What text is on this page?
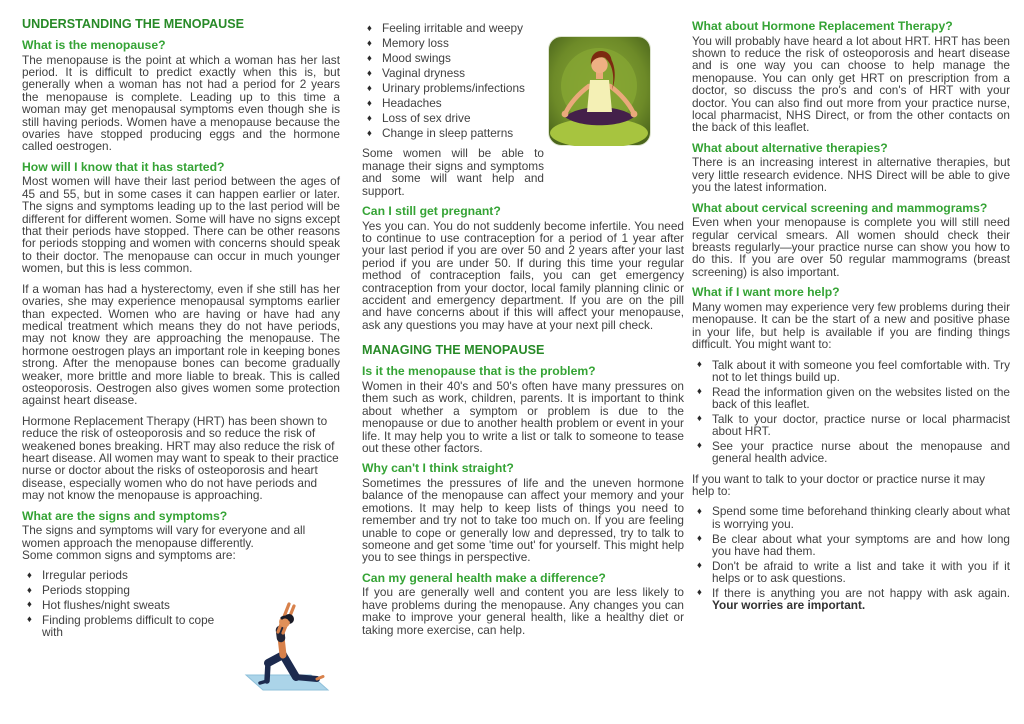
UNDERSTANDING THE MENOPAUSE
What is the menopause?

The menopause is the point at which a woman has her last period. It is difficult to predict exactly when this is, but generally when a woman has not had a period for 2 years the menopause is complete. Leading up to this time a woman may get menopausal symptoms even though she is still having periods. Women have a menopause because the ovaries have stopped producing eggs and the hormone called oestrogen.

How will I know that it has started?

Most women will have their last period between the ages of 45 and 55, but in some cases it can happen earlier or later. The signs and symptoms leading up to the last period will be different for different women. Some will have no signs except that their periods have stopped. There can be other reasons for periods stopping and women with concerns should speak to their doctor. The menopause can occur in much younger women, but this is less common.

If a woman has had a hysterectomy, even if she still has her ovaries, she may experience menopausal symptoms earlier than expected. Women who are having or have had any medical treatment which means they do not have periods, may not know they are approaching the menopause. The hormone oestrogen plays an important role in keeping bones strong. After the menopause bones can become gradually weaker, more brittle and more liable to break. This is called osteoporosis. Oestrogen also gives women some protection against heart disease.

Hormone Replacement Therapy (HRT) has been shown to reduce the risk of osteoporosis and so reduce the risk of weakened bones breaking. HRT may also reduce the risk of heart disease. All women may want to speak to their practice nurse or doctor about the risks of osteoporosis and heart disease, especially women who do not have periods and may not know the menopause is approaching.

What are the signs and symptoms?

The signs and symptoms will vary for everyone and all women approach the menopause differently.

Some common signs and symptoms are:

♦ Irregular periods
♦ Periods stopping
♦ Hot flushes/night sweats
♦ Finding problems difficult to cope with
♦ Feeling irritable and weepy
♦ Memory loss
♦ Mood swings
♦ Vaginal dryness
♦ Urinary problems/infections
♦ Headaches
♦ Loss of sex drive
♦ Change in sleep patterns

Some women will be able to manage their signs and symptoms and some will want help and support.

Can I still get pregnant?

Yes you can. You do not suddenly become infertile. You need to continue to use contraception for a period of 1 year after your last period if you are over 50 and 2 years after your last period if you are under 50. If during this time your regular method of contraception fails, you can get emergency contraception from your doctor, local family planning clinic or accident and emergency department. If you are on the pill and have concerns about if this will affect your menopause, ask any questions you may have at your next pill check.

MANAGING THE MENOPAUSE
Is it the menopause that is the problem?

Women in their 40's and 50's often have many pressures on them such as work, children, parents. It is important to think about whether a symptom or problem is due to the menopause or due to another health problem or event in your life. It may help you to write a list or talk to someone to tease out these other factors.

Why can't I think straight?

Sometimes the pressures of life and the uneven hormone balance of the menopause can affect your memory and your emotions. It may help to keep lists of things you need to remember and try not to take too much on. If you are feeling unable to cope or generally low and depressed, try to talk to someone and get some 'time out' for yourself. This might help you to see things in perspective.

Can my general health make a difference?

If you are generally well and content you are less likely to have problems during the menopause. Any changes you can make to improve your general health, like a healthy diet or taking more exercise, can help.

What about Hormone Replacement Therapy?

You will probably have heard a lot about HRT. HRT has been shown to reduce the risk of osteoporosis and heart disease and is one way you can choose to help manage the menopause. You can only get HRT on prescription from a doctor, so discuss the pro's and con's of HRT with your doctor. You can also find out more from your practice nurse, local pharmacist, NHS Direct, or from the other contacts on the back of this leaflet.

What about alternative therapies?

There is an increasing interest in alternative therapies, but very little research evidence. NHS Direct will be able to give you the latest information.

What about cervical screening and mammograms?

Even when your menopause is complete you will still need regular cervical smears. All women should check their breasts regularly—your practice nurse can show you how to do this. If you are over 50 regular mammograms (breast screening) is also important.

What if I want more help?

Many women may experience very few problems during their menopause. It can be the start of a new and positive phase in your life, but help is available if you are finding things difficult. You might want to:

♦ Talk about it with someone you feel comfortable with. Try not to let things build up.
♦ Read the information given on the websites listed on the back of this leaflet.
♦ Talk to your doctor, practice nurse or local pharmacist about HRT.
♦ See your practice nurse about the menopause and general health advice.

If you want to talk to your doctor or practice nurse it may help to:

♦ Spend some time beforehand thinking clearly about what is worrying you.
♦ Be clear about what your symptoms are and how long you have had them.
♦ Don't be afraid to write a list and take it with you if it helps or to ask questions.
♦ If there is anything you are not happy with ask again. Your worries are important.
